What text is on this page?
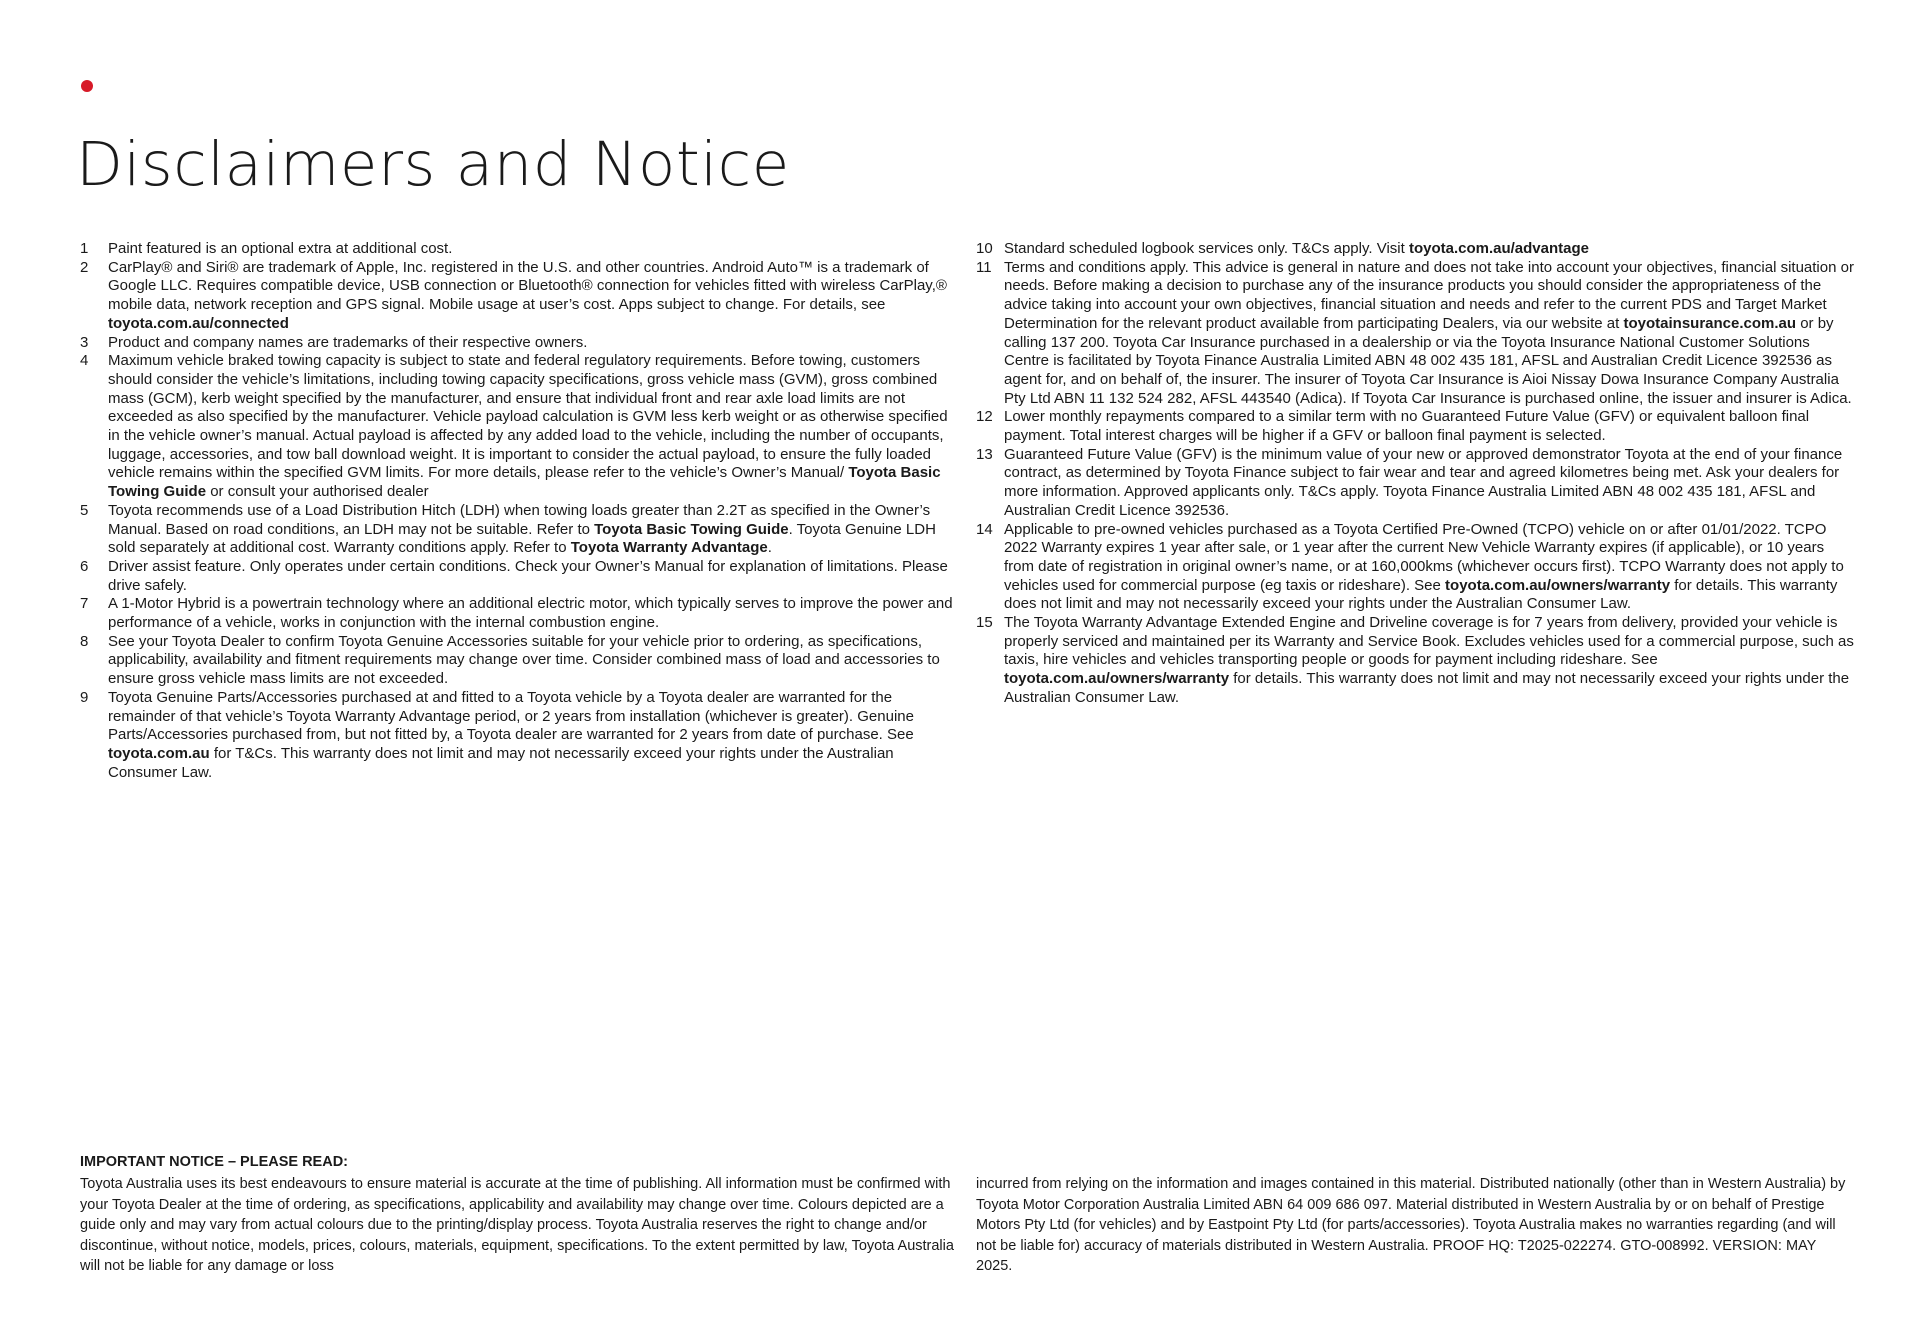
Disclaimers and Notice
1	Paint featured is an optional extra at additional cost.
2	CarPlay® and Siri® are trademark of Apple, Inc. registered in the U.S. and other countries. Android Auto™ is a trademark of Google LLC. Requires compatible device, USB connection or Bluetooth® connection for vehicles fitted with wireless CarPlay,® mobile data, network reception and GPS signal. Mobile usage at user’s cost. Apps subject to change. For details, see toyota.com.au/connected
3	Product and company names are trademarks of their respective owners.
4	Maximum vehicle braked towing capacity is subject to state and federal regulatory requirements. Before towing, customers should consider the vehicle’s limitations, including towing capacity specifications, gross vehicle mass (GVM), gross combined mass (GCM), kerb weight specified by the manufacturer, and ensure that individual front and rear axle load limits are not exceeded as also specified by the manufacturer. Vehicle payload calculation is GVM less kerb weight or as otherwise specified in the vehicle owner’s manual. Actual payload is affected by any added load to the vehicle, including the number of occupants, luggage, accessories, and tow ball download weight. It is important to consider the actual payload, to ensure the fully loaded vehicle remains within the specified GVM limits. For more details, please refer to the vehicle’s Owner’s Manual/ Toyota Basic Towing Guide or consult your authorised dealer
5	Toyota recommends use of a Load Distribution Hitch (LDH) when towing loads greater than 2.2T as specified in the Owner’s Manual. Based on road conditions, an LDH may not be suitable. Refer to Toyota Basic Towing Guide. Toyota Genuine LDH sold separately at additional cost. Warranty conditions apply. Refer to Toyota Warranty Advantage.
6	Driver assist feature. Only operates under certain conditions. Check your Owner’s Manual for explanation of limitations. Please drive safely.
7	A 1-Motor Hybrid is a powertrain technology where an additional electric motor, which typically serves to improve the power and performance of a vehicle, works in conjunction with the internal combustion engine.
8	See your Toyota Dealer to confirm Toyota Genuine Accessories suitable for your vehicle prior to ordering, as specifications, applicability, availability and fitment requirements may change over time. Consider combined mass of load and accessories to ensure gross vehicle mass limits are not exceeded.
9	Toyota Genuine Parts/Accessories purchased at and fitted to a Toyota vehicle by a Toyota dealer are warranted for the remainder of that vehicle’s Toyota Warranty Advantage period, or 2 years from installation (whichever is greater). Genuine Parts/Accessories purchased from, but not fitted by, a Toyota dealer are warranted for 2 years from date of purchase. See toyota.com.au for T&Cs. This warranty does not limit and may not necessarily exceed your rights under the Australian Consumer Law.
10 Standard scheduled logbook services only. T&Cs apply. Visit toyota.com.au/advantage
11 Terms and conditions apply. This advice is general in nature and does not take into account your objectives, financial situation or needs. Before making a decision to purchase any of the insurance products you should consider the appropriateness of the advice taking into account your own objectives, financial situation and needs and refer to the current PDS and Target Market Determination for the relevant product available from participating Dealers, via our website at toyotainsurance.com.au or by calling 137 200. Toyota Car Insurance purchased in a dealership or via the Toyota Insurance National Customer Solutions Centre is facilitated by Toyota Finance Australia Limited ABN 48 002 435 181, AFSL and Australian Credit Licence 392536 as agent for, and on behalf of, the insurer. The insurer of Toyota Car Insurance is Aioi Nissay Dowa Insurance Company Australia Pty Ltd ABN 11 132 524 282, AFSL 443540 (Adica). If Toyota Car Insurance is purchased online, the issuer and insurer is Adica.
12 Lower monthly repayments compared to a similar term with no Guaranteed Future Value (GFV) or equivalent balloon final payment. Total interest charges will be higher if a GFV or balloon final payment is selected.
13 Guaranteed Future Value (GFV) is the minimum value of your new or approved demonstrator Toyota at the end of your finance contract, as determined by Toyota Finance subject to fair wear and tear and agreed kilometres being met. Ask your dealers for more information. Approved applicants only. T&Cs apply. Toyota Finance Australia Limited ABN 48 002 435 181, AFSL and Australian Credit Licence 392536.
14 Applicable to pre-owned vehicles purchased as a Toyota Certified Pre-Owned (TCPO) vehicle on or after 01/01/2022. TCPO 2022 Warranty expires 1 year after sale, or 1 year after the current New Vehicle Warranty expires (if applicable), or 10 years from date of registration in original owner’s name, or at 160,000kms (whichever occurs first). TCPO Warranty does not apply to vehicles used for commercial purpose (eg taxis or rideshare). See toyota.com.au/owners/warranty for details. This warranty does not limit and may not necessarily exceed your rights under the Australian Consumer Law.
15 The Toyota Warranty Advantage Extended Engine and Driveline coverage is for 7 years from delivery, provided your vehicle is properly serviced and maintained per its Warranty and Service Book. Excludes vehicles used for a commercial purpose, such as taxis, hire vehicles and vehicles transporting people or goods for payment including rideshare. See toyota.com.au/owners/warranty for details. This warranty does not limit and may not necessarily exceed your rights under the Australian Consumer Law.

IMPORTANT NOTICE – PLEASE READ:

Toyota Australia uses its best endeavours to ensure material is accurate at the time of publishing. All information must be confirmed with your Toyota Dealer at the time of ordering, as specifications, applicability and availability may change over time. Colours depicted are a guide only and may vary from actual colours due to the printing/display process. Toyota Australia reserves the right to change and/or discontinue, without notice, models, prices, colours, materials, equipment, specifications. To the extent permitted by law, Toyota Australia will not be liable for any damage or loss

incurred from relying on the information and images contained in this material. Distributed nationally (other than in Western Australia) by Toyota Motor Corporation Australia Limited ABN 64 009 686 097. Material distributed in Western Australia by or on behalf of Prestige Motors Pty Ltd (for vehicles) and by Eastpoint Pty Ltd (for parts/accessories). Toyota Australia makes no warranties regarding (and will not be liable for) accuracy of materials distributed in Western Australia. PROOF HQ: T2025-022274. GTO-008992. VERSION: MAY 2025.
